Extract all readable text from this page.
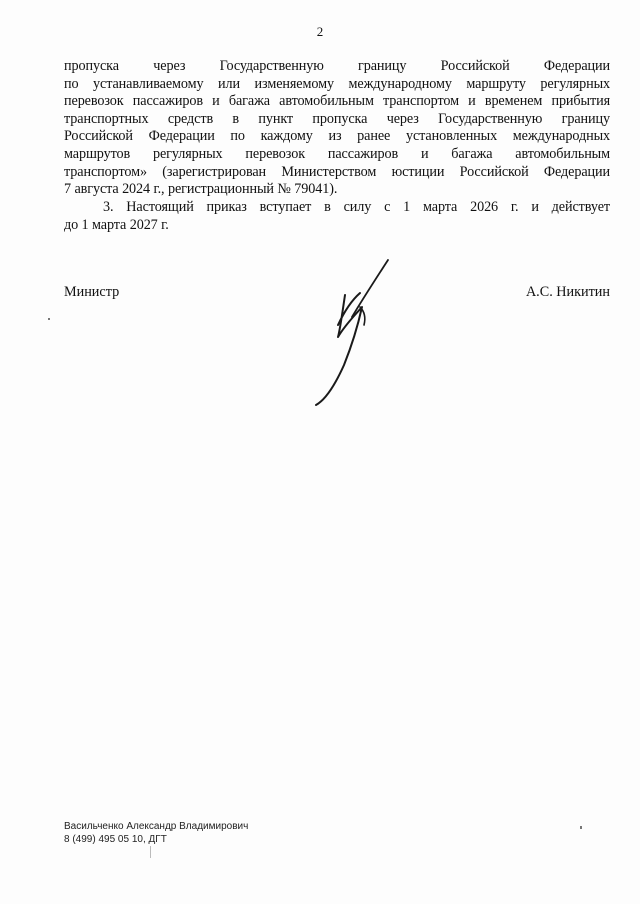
2
пропуска через Государственную границу Российской Федерации
по устанавливаемому или изменяемому международному маршруту регулярных
перевозок пассажиров и багажа автомобильным транспортом и временем прибытия
транспортных средств в пункт пропуска через Государственную границу
Российской Федерации по каждому из ранее установленных международных
маршрутов регулярных перевозок пассажиров и багажа автомобильным
транспортом» (зарегистрирован Министерством юстиции Российской Федерации
7 августа 2024 г., регистрационный № 79041).
3. Настоящий приказ вступает в силу с 1 марта 2026 г. и действует
до 1 марта 2027 г.
Министр	А.С. Никитин
Васильченко Александр Владимирович
8 (499) 495 05 10, ДГТ
